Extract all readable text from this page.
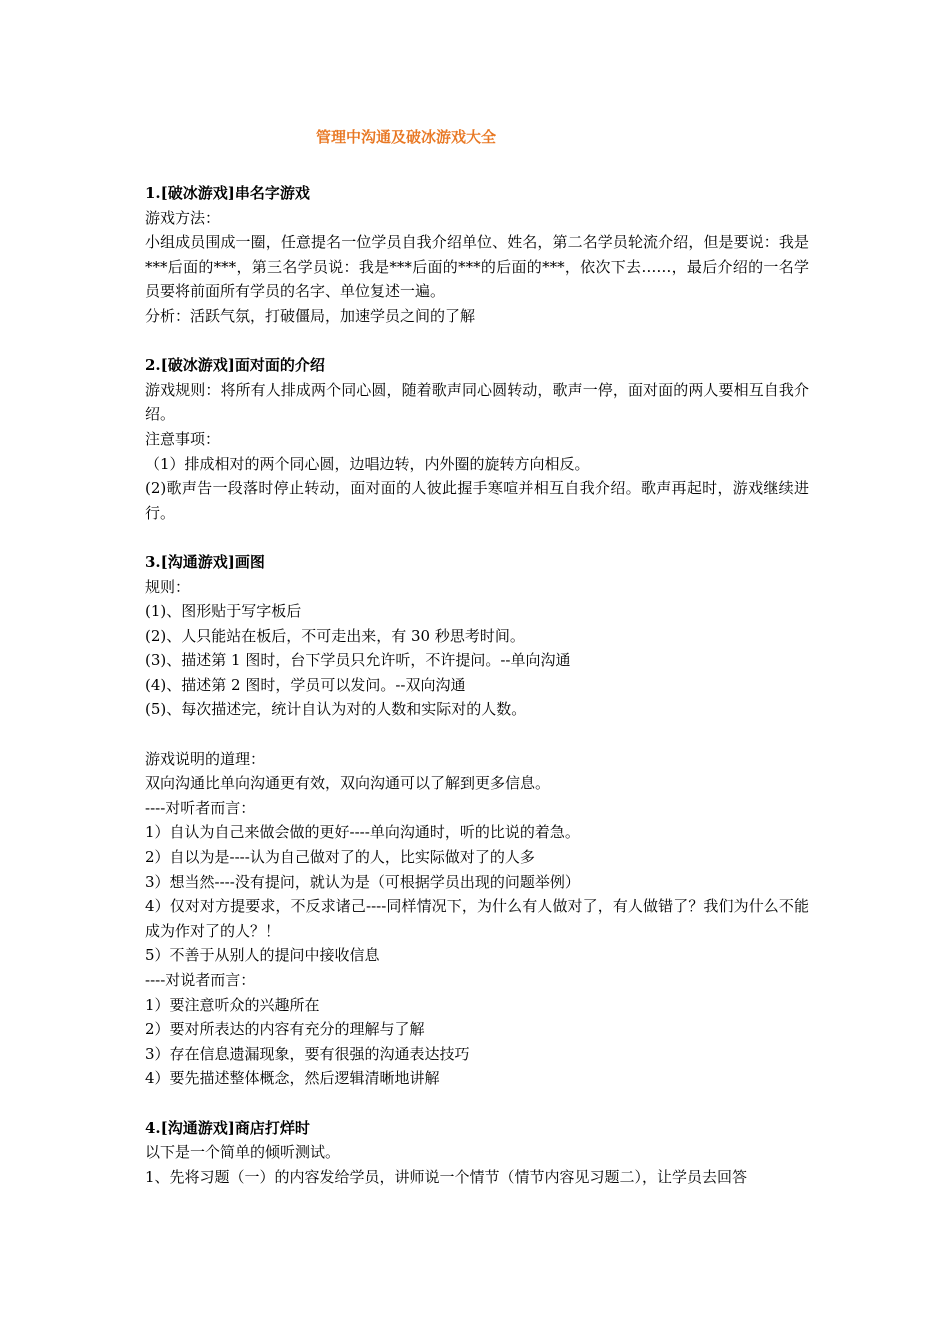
管理中沟通及破冰游戏大全

1.[破冰游戏]串名字游戏

游戏方法：

小组成员围成一圈，任意提名一位学员自我介绍单位、姓名，第二名学员轮流介绍，但是要说：我是***后面的***，第三名学员说：我是***后面的***的后面的***，依次下去……，最后介绍的一名学员要将前面所有学员的名字、单位复述一遍。

分析：活跃气氛，打破僵局，加速学员之间的了解

2.[破冰游戏]面对面的介绍

游戏规则：将所有人排成两个同心圆，随着歌声同心圆转动，歌声一停，面对面的两人要相互自我介绍。

注意事项：

（1）排成相对的两个同心圆，边唱边转，内外圈的旋转方向相反。

(2)歌声告一段落时停止转动，面对面的人彼此握手寒喧并相互自我介绍。歌声再起时，游戏继续进行。

3.[沟通游戏]画图

规则：

(1)、图形贴于写字板后

(2)、人只能站在板后，不可走出来，有 30 秒思考时间。

(3)、描述第 1 图时，台下学员只允许听，不许提问。--单向沟通

(4)、描述第 2 图时，学员可以发问。--双向沟通

(5)、每次描述完，统计自认为对的人数和实际对的人数。

游戏说明的道理：

双向沟通比单向沟通更有效，双向沟通可以了解到更多信息。

----对听者而言：

1）自认为自己来做会做的更好----单向沟通时，听的比说的着急。

2）自以为是----认为自己做对了的人，比实际做对了的人多

3）想当然----没有提问，就认为是（可根据学员出现的问题举例）

4）仅对对方提要求，不反求诸己----同样情况下，为什么有人做对了，有人做错了？我们为什么不能成为作对了的人？！

5）不善于从别人的提问中接收信息

----对说者而言：

1）要注意听众的兴趣所在

2）要对所表达的内容有充分的理解与了解

3）存在信息遗漏现象，要有很强的沟通表达技巧

4）要先描述整体概念，然后逻辑清晰地讲解

4.[沟通游戏]商店打烊时

以下是一个简单的倾听测试。

1、先将习题（一）的内容发给学员，讲师说一个情节（情节内容见习题二），让学员去回答
